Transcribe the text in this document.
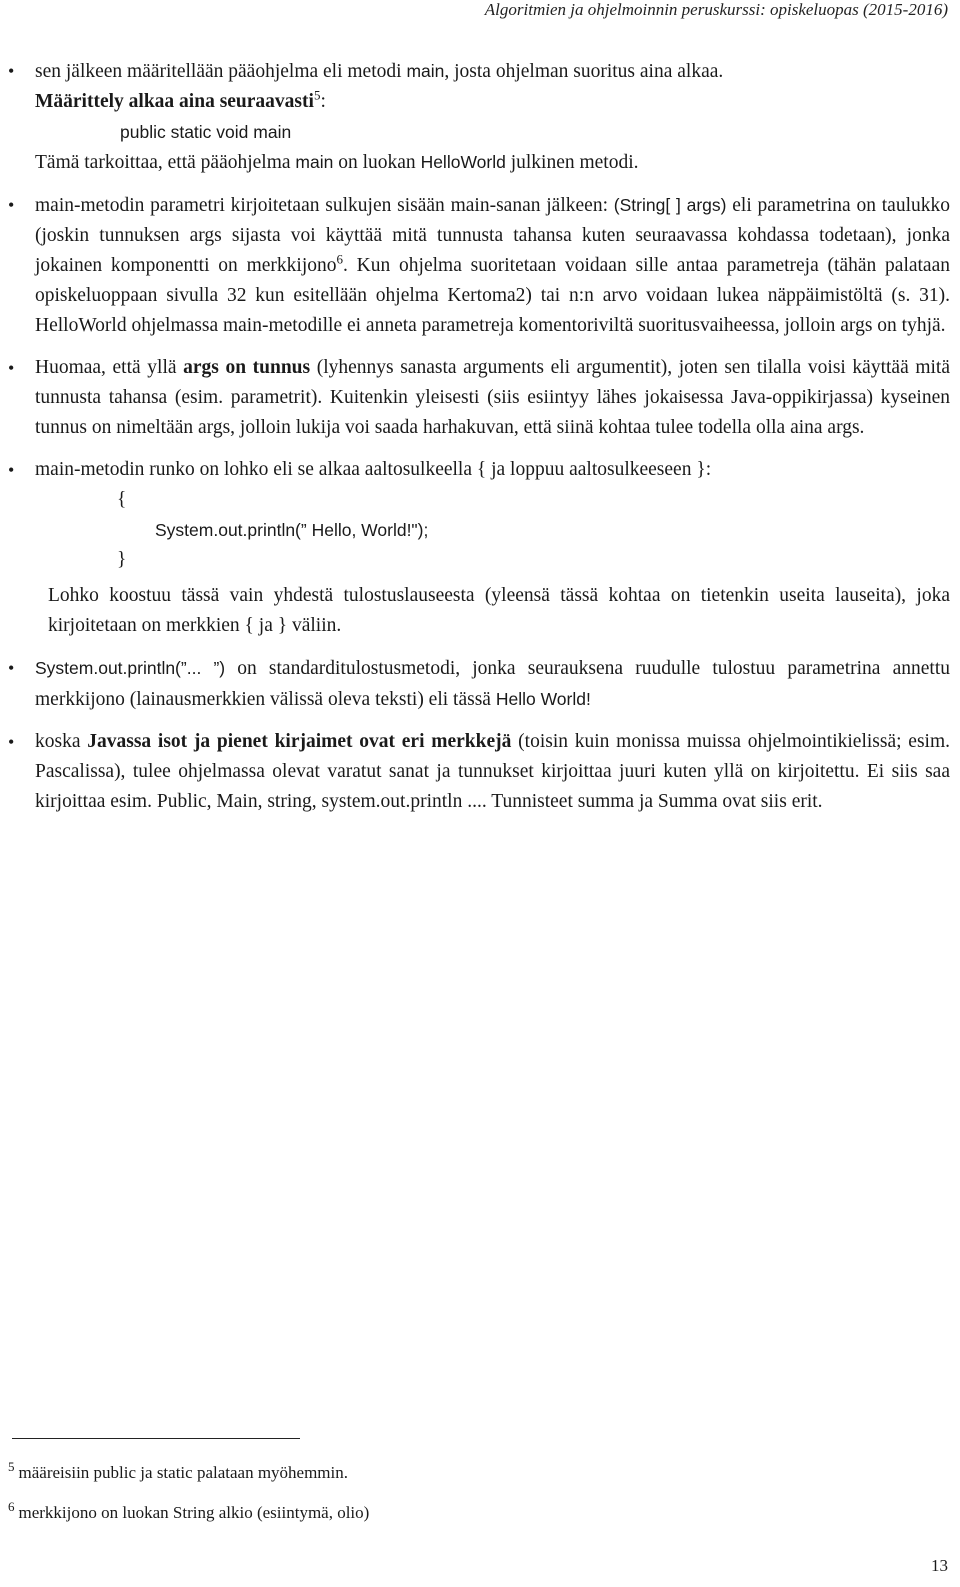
Algoritmien ja ohjelmoinnin peruskurssi: opiskeluopas (2015-2016)
• sen jälkeen määritellään pääohjelma eli metodi main, josta ohjelman suoritus aina alkaa.
Määrittely alkaa aina seuraavasti$^5$:
public static void main
Tämä tarkoittaa, että pääohjelma main on luokan HelloWorld julkinen metodi.
• main-metodin parametri kirjoitetaan sulkujen sisään main-sanan jälkeen: (String[ ] args) eli parametrina on taulukko (joskin tunnuksen args sijasta voi käyttää mitä tunnusta tahansa kuten seuraavassa kohdassa todetaan), jonka jokainen komponentti on merkkijono$^6$. Kun ohjelma suoritetaan voidaan sille antaa parametreja (tähän palataan opiskeluoppaan sivulla 32 kun esitellään ohjelma Kertoma2) tai n:n arvo voidaan lukea näppäimistöltä (s. 31). HelloWorld ohjelmassa main-metodille ei anneta parametreja komentoriviltä suoritusvaiheessa, jolloin args on tyhjä.
• Huomaa, että yllä args on tunnus (lyhennys sanasta arguments eli argumentit), joten sen tilalla voisi käyttää mitä tunnusta tahansa (esim. parametrit). Kuitenkin yleisesti (siis esiintyy lähes jokaisessa Java-oppikirjassa) kyseinen tunnus on nimeltään args, jolloin lukija voi saada harhakuvan, että siinä kohtaa tulee todella olla aina args.
• main-metodin runko on lohko eli se alkaa aaltosulkeella { ja loppuu aaltosulkeeseen }:
{
System.out.println(” Hello, World!");
}
Lohko koostuu tässä vain yhdestä tulostuslauseesta (yleensä tässä kohtaa on tietenkin useita lauseita), joka kirjoitetaan on merkkien { ja } väliin.
• System.out.println(”... ”) on standarditulostusmetodi, jonka seurauksena ruudulle tulostuu parametrina annettu merkkijono (lainausmerkkien välissä oleva teksti) eli tässä Hello World!
• koska Javassa isot ja pienet kirjaimet ovat eri merkkejä (toisin kuin monissa muissa ohjelmointikielissä; esim. Pascalissa), tulee ohjelmassa olevat varatut sanat ja tunnukset kirjoittaa juuri kuten yllä on kirjoitettu. Ei siis saa kirjoittaa esim. Public, Main, string, system.out.println .... Tunnisteet summa ja Summa ovat siis erit.
$^5$ määreisiin public ja static palataan myöhemmin.
$^6$ merkkijono on luokan String alkio (esiintymä, olio)
13
